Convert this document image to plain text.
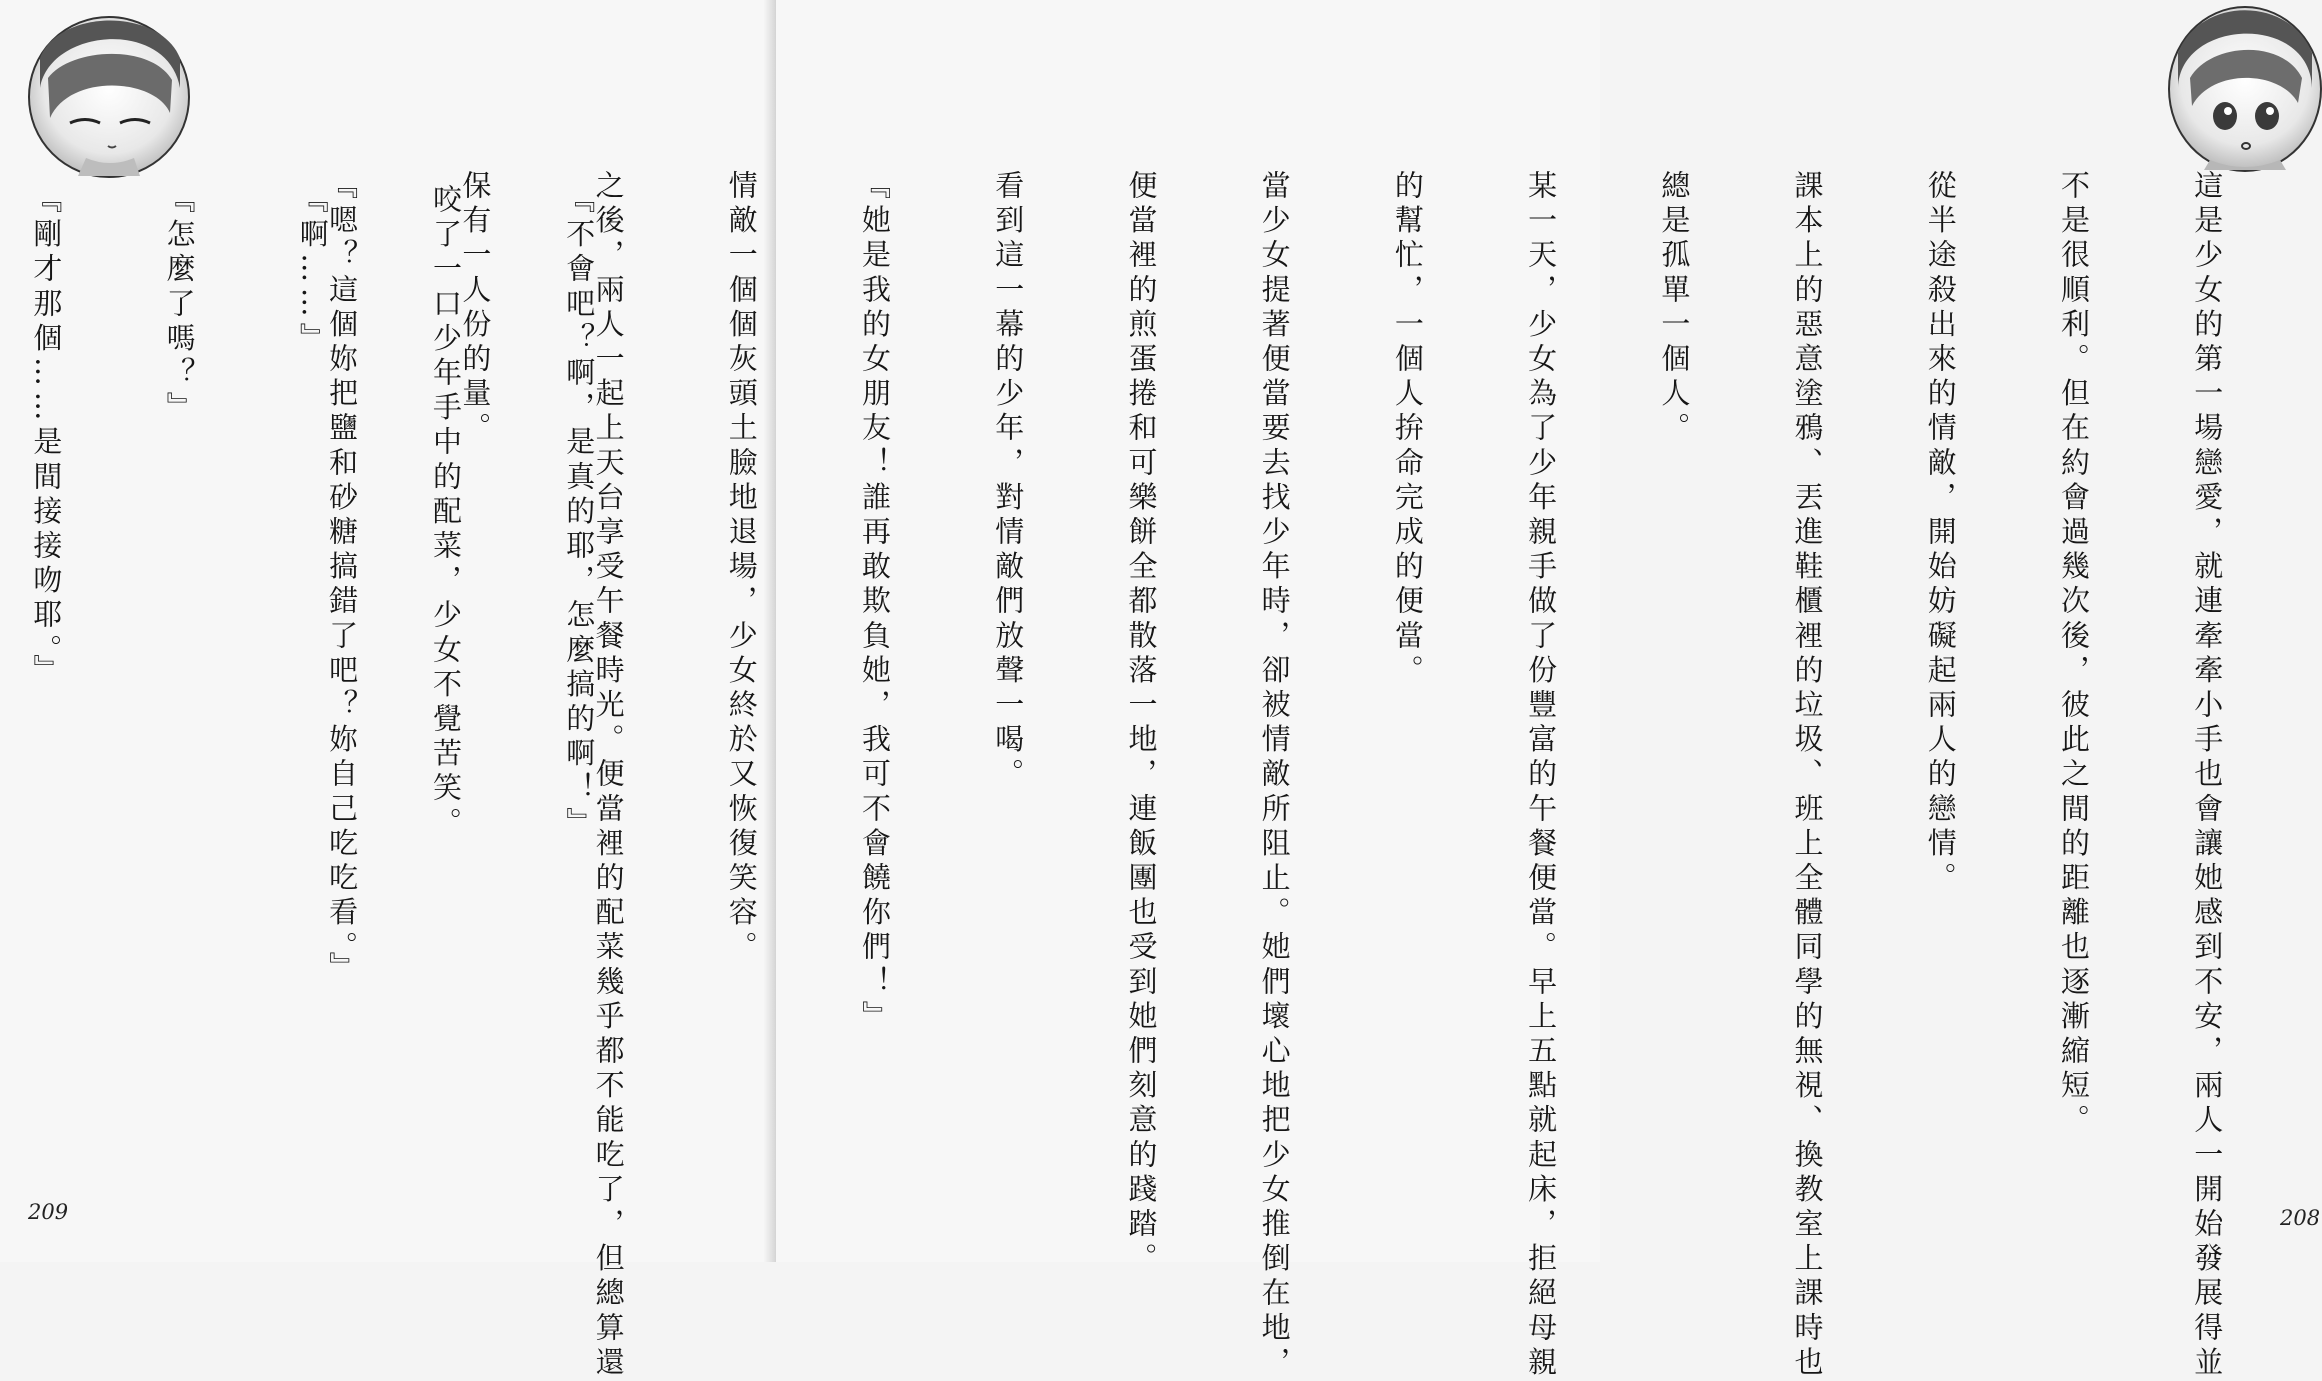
『不會吧？啊，是真的耶，怎麼搞的啊！』

咬了一口少年手中的配菜，少女不覺苦笑。

『啊……』

『怎麼了嗎？』

『剛才那個……是間接接吻耶。』

209

	這是少女的第一場戀愛，就連牽牽小手也會讓她感到不安，兩人一開始發展得並

不是很順利。但在約會過幾次後，彼此之間的距離也逐漸縮短。

從半途殺出來的情敵，開始妨礙起兩人的戀情。

課本上的惡意塗鴉、丟進鞋櫃裡的垃圾、班上全體同學的無視、換教室上課時也

總是孤單一個人。

某一天，少女為了少年親手做了份豐富的午餐便當。早上五點就起床，拒絕母親

的幫忙，一個人拚命完成的便當。

當少女提著便當要去找少年時，卻被情敵所阻止。她們壞心地把少女推倒在地，

便當裡的煎蛋捲和可樂餅全都散落一地，連飯團也受到她們刻意的踐踏。

看到這一幕的少年，對情敵們放聲一喝。

『她是我的女朋友！誰再敢欺負她，我可不會饒你們！』

情敵一個個灰頭土臉地退場，少女終於又恢復笑容。

之後，兩人一起上天台享受午餐時光。便當裡的配菜幾乎都不能吃了，但總算還

保有一人份的量。

『嗯？這個妳把鹽和砂糖搞錯了吧？妳自己吃吃看。』

208
